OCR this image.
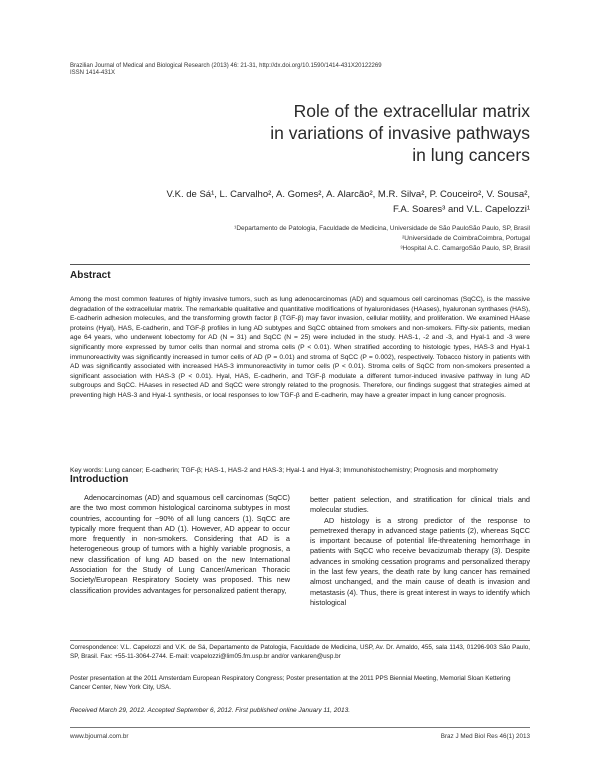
Brazilian Journal of Medical and Biological Research (2013) 46: 21-31, http://dx.doi.org/10.1590/1414-431X20122269
ISSN 1414-431X
Role of the extracellular matrix
in variations of invasive pathways
in lung cancers
V.K. de Sá¹, L. Carvalho², A. Gomes², A. Alarcão², M.R. Silva², P. Couceiro², V. Sousa²,
F.A. Soares³ and V.L. Capelozzi¹
¹Departamento de Patologia, Faculdade de Medicina, Universidade de São PauloSão Paulo, SP, Brasil
²Universidade de CoimbraCoimbra, Portugal
³Hospital A.C. CamargoSão Paulo, SP, Brasil
Abstract
Among the most common features of highly invasive tumors, such as lung adenocarcinomas (AD) and squamous cell carcinomas (SqCC), is the massive degradation of the extracellular matrix. The remarkable qualitative and quantitative modifications of hyaluronidases (HAases), hyaluronan synthases (HAS), E-cadherin adhesion molecules, and the transforming growth factor β (TGF-β) may favor invasion, cellular motility, and proliferation. We examined HAase proteins (Hyal), HAS, E-cadherin, and TGF-β profiles in lung AD subtypes and SqCC obtained from smokers and non-smokers. Fifty-six patients, median age 64 years, who underwent lobectomy for AD (N = 31) and SqCC (N = 25) were included in the study. HAS-1, -2 and -3, and Hyal-1 and -3 were significantly more expressed by tumor cells than normal and stroma cells (P < 0.01). When stratified according to histologic types, HAS-3 and Hyal-1 immunoreactivity was significantly increased in tumor cells of AD (P = 0.01) and stroma of SqCC (P = 0.002), respectively. Tobacco history in patients with AD was significantly associated with increased HAS-3 immunoreactivity in tumor cells (P < 0.01). Stroma cells of SqCC from non-smokers presented a significant association with HAS-3 (P < 0.01). Hyal, HAS, E-cadherin, and TGF-β modulate a different tumor-induced invasive pathway in lung AD subgroups and SqCC. HAases in resected AD and SqCC were strongly related to the prognosis. Therefore, our findings suggest that strategies aimed at preventing high HAS-3 and Hyal-1 synthesis, or local responses to low TGF-β and E-cadherin, may have a greater impact in lung cancer prognosis.
Key words: Lung cancer; E-cadherin; TGF-β; HAS-1, HAS-2 and HAS-3; Hyal-1 and Hyal-3; Immunohistochemistry; Prognosis and morphometry
Introduction

Adenocarcinomas (AD) and squamous cell carcinomas (SqCC) are the two most common histological carcinoma subtypes in most countries, accounting for ~90% of all lung cancers (1). SqCC are typically more frequent than AD (1). However, AD appear to occur more frequently in non-smokers. Considering that AD is a heterogeneous group of tumors with a highly variable prognosis, a new classification of lung AD based on the new International Association for the Study of Lung Cancer/American Thoracic Society/European Respiratory Society was proposed. This new classification provides advantages for personalized patient therapy,

better patient selection, and stratification for clinical trials and molecular studies.

AD histology is a strong predictor of the response to pemetrexed therapy in advanced stage patients (2), whereas SqCC is important because of potential life-threatening hemorrhage in patients with SqCC who receive bevacizumab therapy (3). Despite advances in smoking cessation programs and personalized therapy in the last few years, the death rate by lung cancer has remained almost unchanged, and the main cause of death is invasion and metastasis (4). Thus, there is great interest in ways to identify which histological

Correspondence: V.L. Capelozzi and V.K. de Sá, Departamento de Patologia, Faculdade de Medicina, USP, Av. Dr. Arnaldo, 455, sala 1143, 01296-903 São Paulo, SP, Brasil. Fax: +55-11-3064-2744. E-mail: vcapelozzi@lim05.fm.usp.br and/or vankaren@usp.br
Poster presentation at the 2011 Amsterdam European Respiratory Congress; Poster presentation at the 2011 PPS Biennial Meeting, Memorial Sloan Kettering Cancer Center, New York City, USA.
Received March 29, 2012. Accepted September 6, 2012. First published online January 11, 2013.
www.bjournal.com.br	Braz J Med Biol Res 46(1) 2013
